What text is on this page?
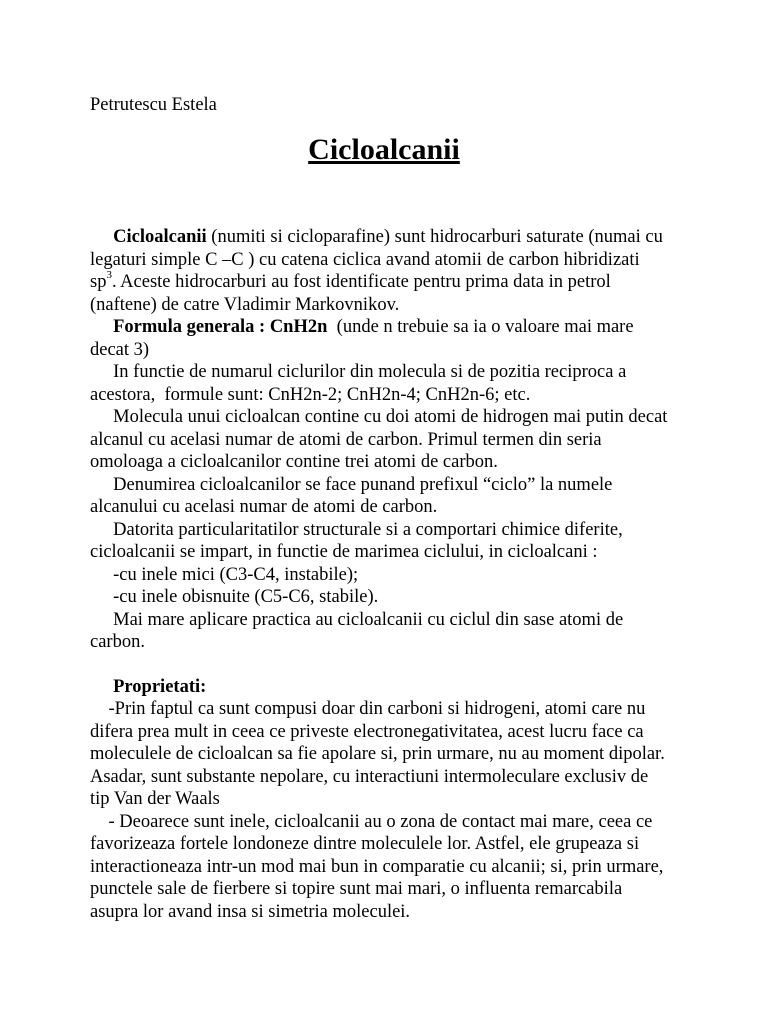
Petrutescu Estela
Cicloalcanii

Cicloalcanii (numiti si cicloparafine) sunt hidrocarburi saturate (numai cu

legaturi simple C –C ) cu catena ciclica avand atomii de carbon hibridizati

$sp^3$. Aceste hidrocarburi au fost identificate pentru prima data in petrol

(naftene) de catre Vladimir Markovnikov.

Formula generala : CnH2n  (unde n trebuie sa ia o valoare mai mare

decat 3)

In functie de numarul ciclurilor din molecula si de pozitia reciproca a

acestora,  formule sunt: CnH2n-2; CnH2n-4; CnH2n-6; etc.

Molecula unui cicloalcan contine cu doi atomi de hidrogen mai putin decat

alcanul cu acelasi numar de atomi de carbon. Primul termen din seria

omoloaga a cicloalcanilor contine trei atomi de carbon.

Denumirea cicloalcanilor se face punand prefixul “ciclo” la numele

alcanului cu acelasi numar de atomi de carbon.

Datorita particularitatilor structurale si a comportari chimice diferite,

cicloalcanii se impart, in functie de marimea ciclului, in cicloalcani :

-cu inele mici (C3-C4, instabile);

-cu inele obisnuite (C5-C6, stabile).

Mai mare aplicare practica au cicloalcanii cu ciclul din sase atomi de

carbon.

Proprietati:

-Prin faptul ca sunt compusi doar din carboni si hidrogeni, atomi care nu

difera prea mult in ceea ce priveste electronegativitatea, acest lucru face ca

moleculele de cicloalcan sa fie apolare si, prin urmare, nu au moment dipolar.

Asadar, sunt substante nepolare, cu interactiuni intermoleculare exclusiv de

tip Van der Waals

- Deoarece sunt inele, cicloalcanii au o zona de contact mai mare, ceea ce

favorizeaza fortele londoneze dintre moleculele lor. Astfel, ele grupeaza si

interactioneaza intr-un mod mai bun in comparatie cu alcanii; si, prin urmare,

punctele sale de fierbere si topire sunt mai mari, o influenta remarcabila

asupra lor avand insa si simetria moleculei.
